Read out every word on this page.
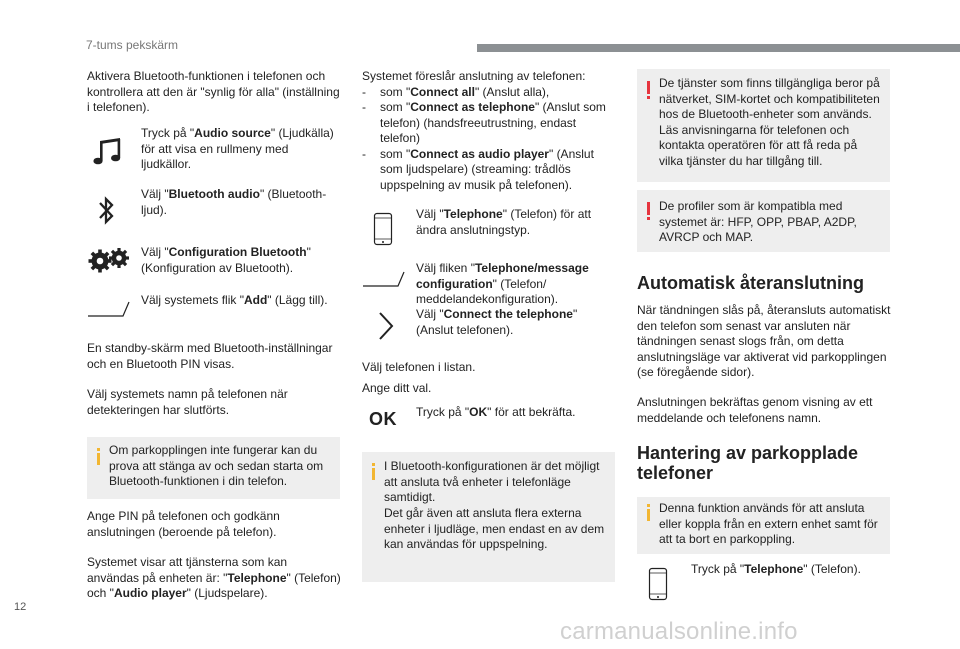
7-tums pekskärm

Aktivera Bluetooth-funktionen i telefonen och kontrollera att den är "synlig för alla" (inställning i telefonen).

Tryck på "Audio source" (Ljudkälla) för att visa en rullmeny med ljudkällor.
Välj "Bluetooth audio" (Bluetooth-ljud).
Välj "Configuration Bluetooth" (Konfiguration av Bluetooth).
Välj systemets flik "Add" (Lägg till).

En standby-skärm med Bluetooth-inställningar och en Bluetooth PIN visas.

Välj systemets namn på telefonen när detekteringen har slutförts.

Om parkopplingen inte fungerar kan du prova att stänga av och sedan starta om Bluetooth-funktionen i din telefon.

Ange PIN på telefonen och godkänn anslutningen (beroende på telefon).

Systemet visar att tjänsterna som kan användas på enheten är: "Telephone" (Telefon) och "Audio player" (Ljudspelare).

Systemet föreslår anslutning av telefonen:
- som "Connect all" (Anslut alla),
- som "Connect as telephone" (Anslut som telefon) (handsfreeutrustning, endast telefon)
- som "Connect as audio player" (Anslut som ljudspelare) (streaming: trådlös uppspelning av musik på telefonen).
Välj "Telephone" (Telefon) för att ändra anslutningstyp.
Välj fliken "Telephone/message configuration" (Telefon/ meddelandekonfiguration).
Välj "Connect the telephone" (Anslut telefonen).

Välj telefonen i listan.

Ange ditt val.

OK Tryck på "OK" för att bekräfta.
I Bluetooth-konfigurationen är det möjligt att ansluta två enheter i telefonläge samtidigt.
Det går även att ansluta flera externa enheter i ljudläge, men endast en av dem kan användas för uppspelning.
De tjänster som finns tillgängliga beror på nätverket, SIM-kortet och kompatibiliteten hos de Bluetooth-enheter som används. Läs anvisningarna för telefonen och kontakta operatören för att få reda på vilka tjänster du har tillgång till.
De profiler som är kompatibla med systemet är: HFP, OPP, PBAP, A2DP, AVRCP och MAP.
Automatisk återanslutning

När tändningen slås på, återansluts automatiskt den telefon som senast var ansluten när tändningen senast slogs från, om detta anslutningsläge var aktiverat vid parkopplingen (se föregående sidor).

Anslutningen bekräftas genom visning av ett meddelande och telefonens namn.

Hantering av parkopplade telefoner
Denna funktion används för att ansluta eller koppla från en extern enhet samt för att ta bort en parkoppling.
Tryck på "Telephone" (Telefon).
12
carmanualsonline.info
